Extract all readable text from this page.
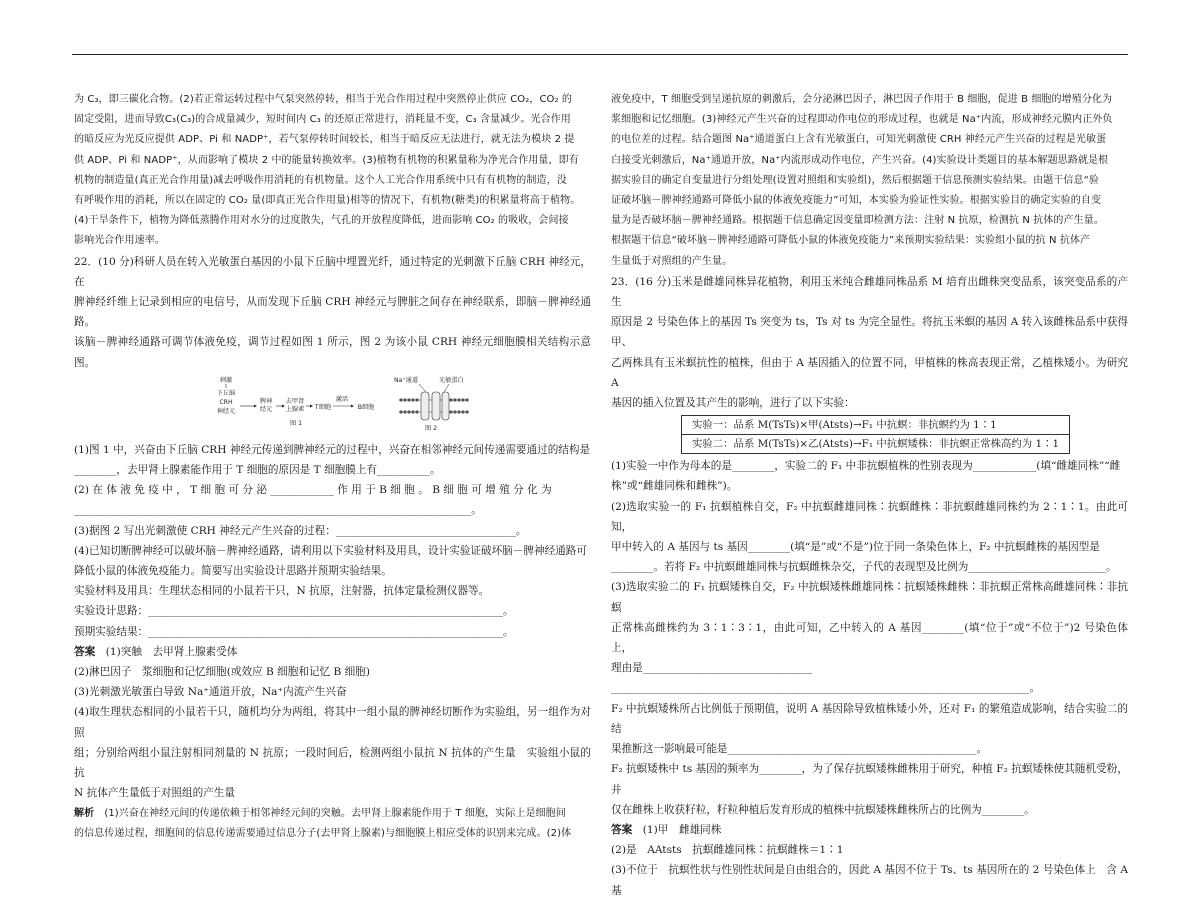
为 C₃，即三碳化合物。(2)若正常运转过程中气泵突然停转，相当于光合作用过程中突然停止供应 CO₂，CO₂ 的

固定受阻，进而导致C₃(C₃)的合成量减少，短时间内 C₃ 的还原正常进行，消耗量不变，C₃ 含量减少。光合作用

的暗反应为光反应提供 ADP、Pi 和 NADP⁺，若气泵停转时间较长，相当于暗反应无法进行，就无法为模块 2 提

供 ADP、Pi 和 NADP⁺，从而影响了模块 2 中的能量转换效率。(3)植物有机物的积累量称为净光合作用量，即有

机物的制造量(真正光合作用量)减去呼吸作用消耗的有机物量。这个人工光合作用系统中只有有机物的制造，没

有呼吸作用的消耗，所以在固定的 CO₂ 量(即真正光合作用量)相等的情况下，有机物(糖类)的积累量将高于植物。

(4)干旱条件下，植物为降低蒸腾作用对水分的过度散失，气孔的开放程度降低，进而影响 CO₂ 的吸收，会间接

影响光合作用速率。

22．(10 分)科研人员在转入光敏蛋白基因的小鼠下丘脑中埋置光纤，通过特定的光刺激下丘脑 CRH 神经元，在

脾神经纤维上记录到相应的电信号，从而发现下丘脑 CRH 神经元与脾脏之间存在神经联系，即脑－脾神经通路。

该脑－脾神经通路可调节体液免疫，调节过程如图 1 所示，图 2 为该小鼠 CRH 神经元细胞膜相关结构示意图。

刺激
下丘脑
CRH
神经元
脾神
经元
去甲肾
上腺素 T细胞
激活
B细胞
图 1
Na⁺通道	光敏蛋白
图 2

(1)图 1 中，兴奋由下丘脑 CRH 神经元传递到脾神经元的过程中，兴奋在相邻神经元间传递需要通过的结构是

________，去甲肾上腺素能作用于 T 细胞的原因是 T 细胞膜上有__________。

(2) 在 体 液 免 疫 中 ， T 细 胞 可 分 泌 ____________ 作 用 于 B 细 胞 。 B 细 胞 可 增 殖 分 化 为

___________________________________________________________________________。

(3)据图 2 写出光刺激使 CRH 神经元产生兴奋的过程：__________________________________。

(4)已知切断脾神经可以破坏脑－脾神经通路，请利用以下实验材料及用具，设计实验证破坏脑－脾神经通路可

降低小鼠的体液免疫能力。简要写出实验设计思路并预期实验结果。

实验材料及用具：生理状态相同的小鼠若干只，N 抗原，注射器，抗体定量检测仪器等。

实验设计思路：___________________________________________________________________。

预期实验结果：___________________________________________________________________。

答案　 (1)突触　去甲肾上腺素受体

(2)淋巴因子　浆细胞和记忆细胞(或效应 B 细胞和记忆 B 细胞)

(3)光刺激光敏蛋白导致 Na⁺通道开放，Na⁺内流产生兴奋

(4)取生理状态相同的小鼠若干只，随机均分为两组，将其中一组小鼠的脾神经切断作为实验组，另一组作为对照

组；分别给两组小鼠注射相同剂量的 N 抗原；一段时间后，检测两组小鼠抗 N 抗体的产生量　实验组小鼠的抗

N 抗体产生量低于对照组的产生量

解析　 (1)兴奋在神经元间的传递依赖于相邻神经元间的突触。去甲肾上腺素能作用于 T 细胞，实际上是细胞间

的信息传递过程，细胞间的信息传递需要通过信息分子(去甲肾上腺素)与细胞膜上相应受体的识别来完成。(2)体

液免疫中，T 细胞受到呈递抗原的刺激后，会分泌淋巴因子，淋巴因子作用于 B 细胞，促进 B 细胞的增殖分化为

浆细胞和记忆细胞。(3)神经元产生兴奋的过程即动作电位的形成过程，也就是 Na⁺内流，形成神经元膜内正外负

的电位差的过程。结合题图 Na⁺通道蛋白上含有光敏蛋白，可知光刺激使 CRH 神经元产生兴奋的过程是光敏蛋

白接受光刺激后，Na⁺通道开放，Na⁺内流形成动作电位，产生兴奋。(4)实验设计类题目的基本解题思路就是根

据实验目的确定自变量进行分组处理(设置对照组和实验组)，然后根据题干信息预测实验结果。由题干信息“验

证破坏脑－脾神经通路可降低小鼠的体液免疫能力”可知，本实验为验证性实验。根据实验目的确定实验的自变

量为是否破坏脑－脾神经通路。根据题干信息确定因变量即检测方法：注射 N 抗原，检测抗 N 抗体的产生量。

根据题干信息“破坏脑－脾神经通路可降低小鼠的体液免疫能力”来预期实验结果：实验组小鼠的抗 N 抗体产

生量低于对照组的产生量。

23．(16 分)玉米是雌雄同株异花植物，利用玉米纯合雌雄同株品系 M 培育出雌株突变品系，该突变品系的产生

原因是 2 号染色体上的基因 Ts 突变为 ts，Ts 对 ts 为完全显性。将抗玉米螟的基因 A 转入该雌株品系中获得甲、

乙两株具有玉米螟抗性的植株，但由于 A 基因插入的位置不同，甲植株的株高表现正常，乙植株矮小。为研究 A

基因的插入位置及其产生的影响，进行了以下实验：

实验一：品系 M(TsTs)×甲(Atsts)→F₁ 中抗螟：非抗螟约为 1∶1
实验二：品系 M(TsTs)×乙(Atsts)→F₁ 中抗螟矮株：非抗螟正常株高约为 1∶1

(1)实验一中作为母本的是________，实验二的 F₁ 中非抗螟植株的性别表现为____________(填“雌雄同株”“雌

株”或“雌雄同株和雌株”)。

(2)选取实验一的 F₁ 抗螟植株自交，F₂ 中抗螟雌雄同株∶抗螟雌株∶非抗螟雌雄同株约为 2∶1∶1。由此可知，

甲中转入的 A 基因与 ts 基因________(填“是”或“不是”)位于同一条染色体上，F₂ 中抗螟雌株的基因型是

________。若将 F₂ 中抗螟雌雄同株与抗螟雌株杂交，子代的表现型及比例为__________________________。

(3)选取实验二的 F₁ 抗螟矮株自交，F₂ 中抗螟矮株雌雄同株∶抗螟矮株雌株∶非抗螟正常株高雌雄同株∶非抗螟

正常株高雌株约为 3∶1∶3∶1，由此可知，乙中转入的 A 基因________(填“位于”或“不位于”)2 号染色体上，

理由是________________________________

_______________________________________________________________________________。

F₂ 中抗螟矮株所占比例低于预期值，说明 A 基因除导致植株矮小外，还对 F₁ 的繁殖造成影响，结合实验二的结

果推断这一影响最可能是_______________________________________________。

F₂ 抗螟矮株中 ts 基因的频率为________，为了保存抗螟矮株雌株用于研究，种植 F₂ 抗螟矮株使其随机受粉，并

仅在雌株上收获籽粒，籽粒种植后发育形成的植株中抗螟矮株雌株所占的比例为________。

答案　 (1)甲　雌雄同株

(2)是　AAtsts　抗螟雌雄同株∶抗螟雌株＝1∶1

(3)不位于　抗螟性状与性别性状间是自由组合的，因此 A 基因不位于 Ts、ts 基因所在的 2 号染色体上　含 A 基
